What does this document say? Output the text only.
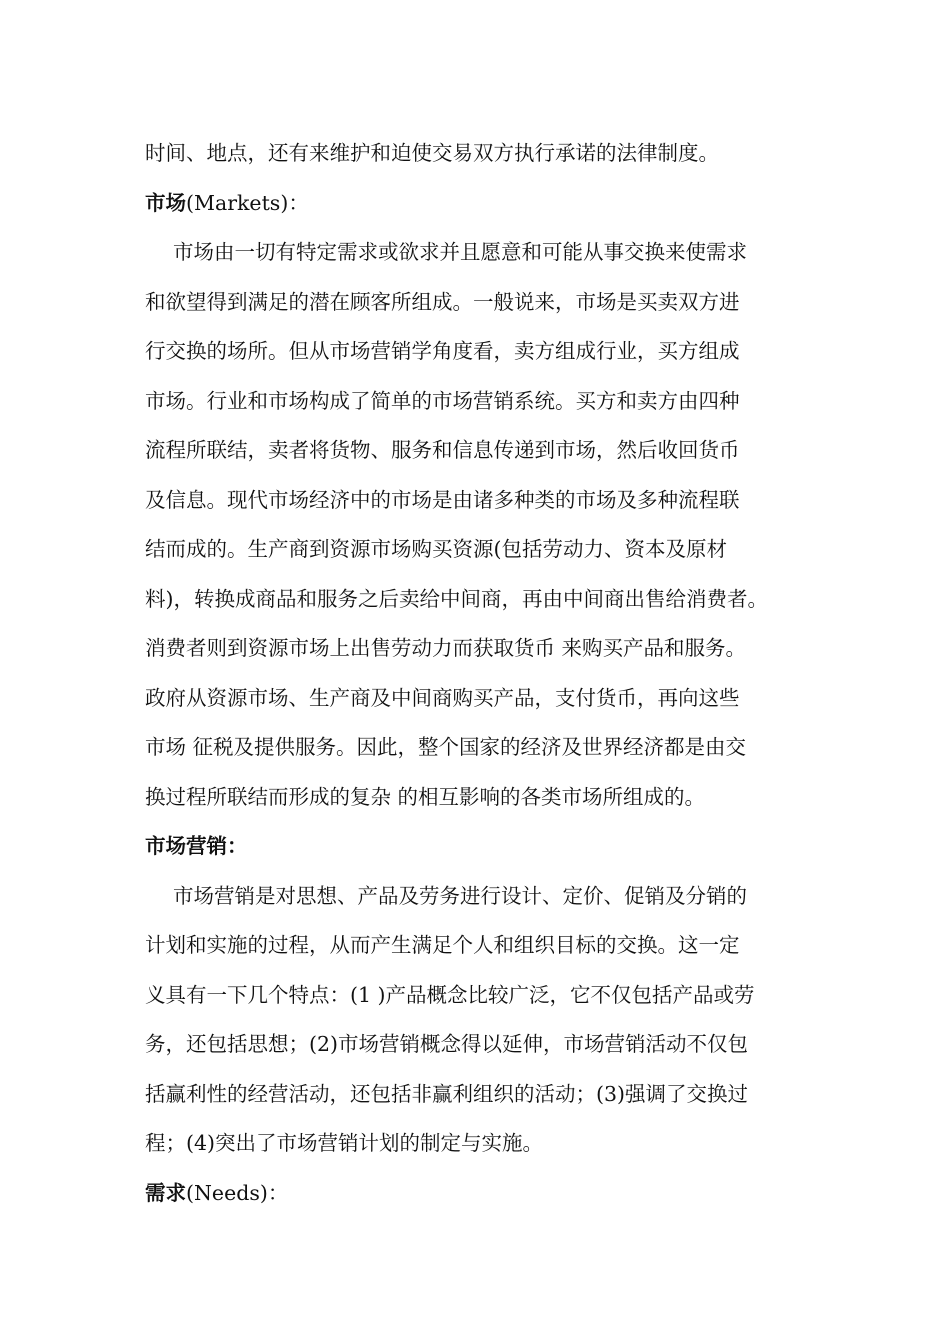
时间、地点，还有来维护和迫使交易双方执行承诺的法律制度。
市场(Markets)：
市场由一切有特定需求或欲求并且愿意和可能从事交换来使需求
和欲望得到满足的潜在顾客所组成。一般说来，市场是买卖双方进
行交换的场所。但从市场营销学角度看，卖方组成行业，买方组成
市场。行业和市场构成了简单的市场营销系统。买方和卖方由四种
流程所联结，卖者将货物、服务和信息传递到市场，然后收回货币
及信息。现代市场经济中的市场是由诸多种类的市场及多种流程联
结而成的。生产商到资源市场购买资源(包括劳动力、资本及原材
料)，转换成商品和服务之后卖给中间商，再由中间商出售给消费者。
消费者则到资源市场上出售劳动力而获取货币 来购买产品和服务。
政府从资源市场、生产商及中间商购买产品，支付货币，再向这些
市场 征税及提供服务。因此，整个国家的经济及世界经济都是由交
换过程所联结而形成的复杂 的相互影响的各类市场所组成的。
市场营销：
市场营销是对思想、产品及劳务进行设计、定价、促销及分销的
计划和实施的过程，从而产生满足个人和组织目标的交换。这一定
义具有一下几个特点：(1 )产品概念比较广泛，它不仅包括产品或劳
务，还包括思想；(2)市场营销概念得以延伸，市场营销活动不仅包
括赢利性的经营活动，还包括非赢利组织的活动；(3)强调了交换过
程；(4)突出了市场营销计划的制定与实施。
需求(Needs)：
